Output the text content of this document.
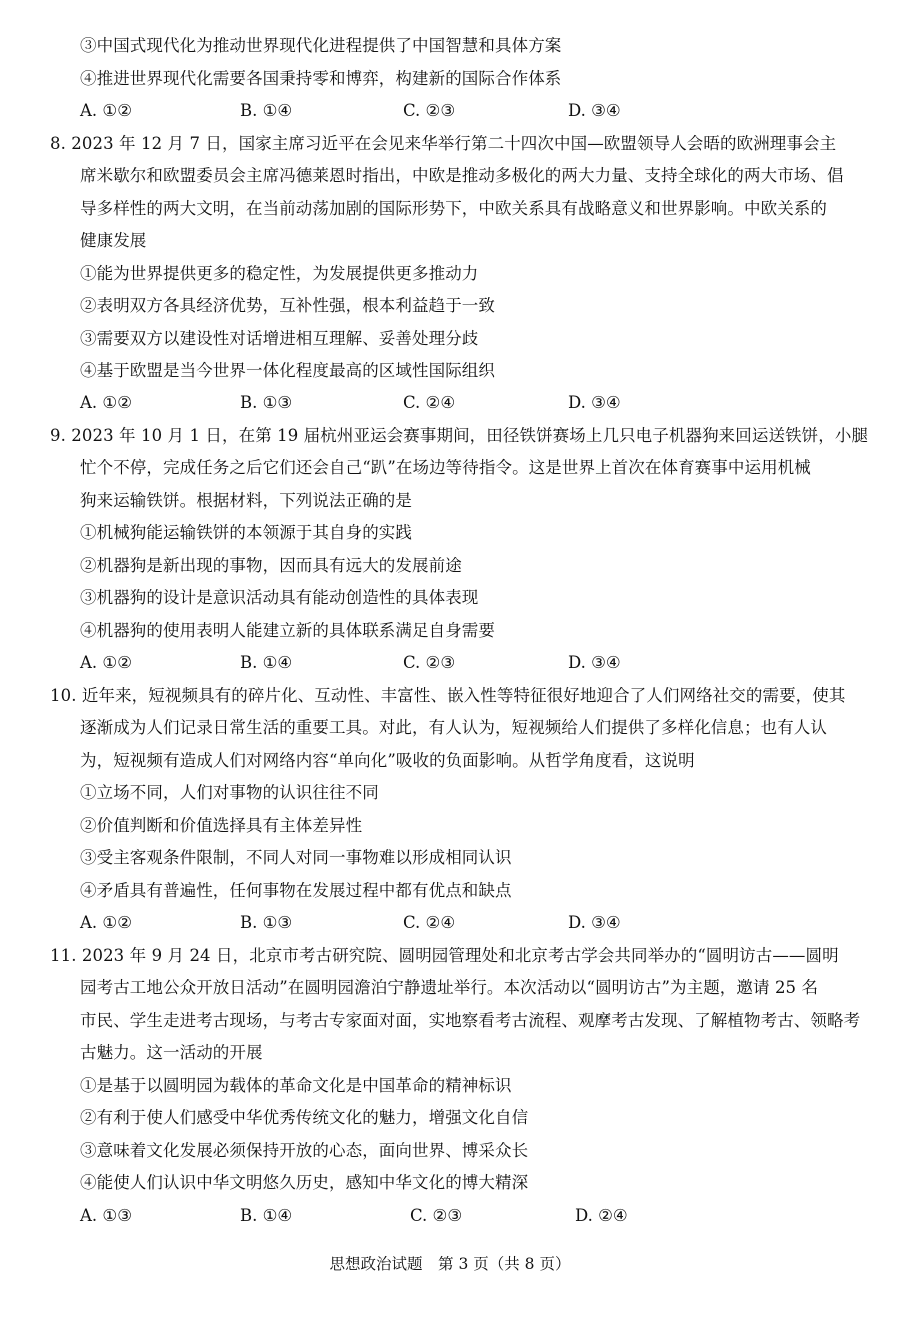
③中国式现代化为推动世界现代化进程提供了中国智慧和具体方案
④推进世界现代化需要各国秉持零和博弈，构建新的国际合作体系
A. ①②	B. ①④	C. ②③	D. ③④
8. 2023 年 12 月 7 日，国家主席习近平在会见来华举行第二十四次中国—欧盟领导人会晤的欧洲理事会主
席米歇尔和欧盟委员会主席冯德莱恩时指出，中欧是推动多极化的两大力量、支持全球化的两大市场、倡
导多样性的两大文明，在当前动荡加剧的国际形势下，中欧关系具有战略意义和世界影响。中欧关系的
健康发展
①能为世界提供更多的稳定性，为发展提供更多推动力
②表明双方各具经济优势，互补性强，根本利益趋于一致
③需要双方以建设性对话增进相互理解、妥善处理分歧
④基于欧盟是当今世界一体化程度最高的区域性国际组织
A. ①②	B. ①③	C. ②④	D. ③④
9. 2023 年 10 月 1 日，在第 19 届杭州亚运会赛事期间，田径铁饼赛场上几只电子机器狗来回运送铁饼，小腿
忙个不停，完成任务之后它们还会自己“趴”在场边等待指令。这是世界上首次在体育赛事中运用机械
狗来运输铁饼。根据材料，下列说法正确的是
①机械狗能运输铁饼的本领源于其自身的实践
②机器狗是新出现的事物，因而具有远大的发展前途
③机器狗的设计是意识活动具有能动创造性的具体表现
④机器狗的使用表明人能建立新的具体联系满足自身需要
A. ①②	B. ①④	C. ②③	D. ③④
10. 近年来，短视频具有的碎片化、互动性、丰富性、嵌入性等特征很好地迎合了人们网络社交的需要，使其
逐渐成为人们记录日常生活的重要工具。对此，有人认为，短视频给人们提供了多样化信息；也有人认
为，短视频有造成人们对网络内容“单向化”吸收的负面影响。从哲学角度看，这说明
①立场不同，人们对事物的认识往往不同
②价值判断和价值选择具有主体差异性
③受主客观条件限制，不同人对同一事物难以形成相同认识
④矛盾具有普遍性，任何事物在发展过程中都有优点和缺点
A. ①②	B. ①③	C. ②④	D. ③④
11. 2023 年 9 月 24 日，北京市考古研究院、圆明园管理处和北京考古学会共同举办的“圆明访古——圆明
园考古工地公众开放日活动”在圆明园澹泊宁静遗址举行。本次活动以“圆明访古”为主题，邀请 25 名
市民、学生走进考古现场，与考古专家面对面，实地察看考古流程、观摩考古发现、了解植物考古、领略考
古魅力。这一活动的开展
①是基于以圆明园为载体的革命文化是中国革命的精神标识
②有利于使人们感受中华优秀传统文化的魅力，增强文化自信
③意味着文化发展必须保持开放的心态，面向世界、博采众长
④能使人们认识中华文明悠久历史，感知中华文化的博大精深
A. ①③	B. ①④	C. ②③	D. ②④
思想政治试题　第 3 页（共 8 页）
